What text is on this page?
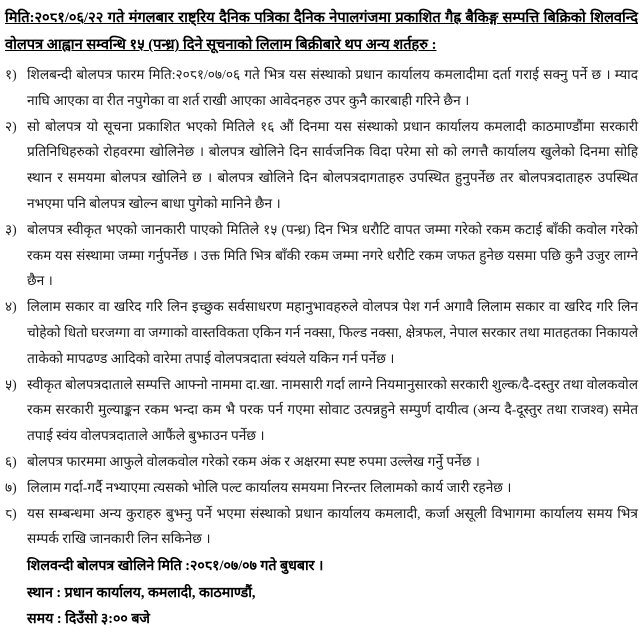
मिति:२०८१/०६/२२ गते मंगलबार राष्ट्रिय दैनिक पत्रिका दैनिक नेपालगंजमा प्रकाशित गैह्र बैकिङ्ग सम्पत्ति बिक्रिको शिलवन्दि वोलपत्र आह्वान सम्वन्धि १५ (पन्ध्र) दिने सूचनाको लिलाम बिक्रीबारे थप अन्य शर्तहरु :
१) शिलबन्दी बोलपत्र फारम मिति:२०८१/०७/०६ गते भित्र यस संस्थाको प्रधान कार्यालय कमलादीमा दर्ता गराई सक्नु पर्ने छ । म्याद नाघि आएका वा रीत नपुगेका वा शर्त राखी आएका आवेदनहरु उपर कुनै कारबाही गरिने छैन ।
२) सो बोलपत्र यो सूचना प्रकाशित भएको मितिले १६ औं दिनमा यस संस्थाको प्रधान कार्यालय कमलादी काठमाण्डौंमा सरकारी प्रतिनिधिहरुको रोहवरमा खोलिनेछ । बोलपत्र खोलिने दिन सार्वजनिक विदा परेमा सो को लगत्तै कार्यालय खुलेको दिनमा सोहि स्थान र समयमा बोलपत्र खोलिने छ । बोलपत्र खोलिने दिन बोलपत्रदागताहरु उपस्थित हुनुपर्नेछ तर बोलपत्रदाताहरु उपस्थित नभएमा पनि बोलपत्र खोल्न बाधा पुगेको मानिने छैन ।
३) बोलपत्र स्वीकृत भएको जानकारी पाएको मितिले १५ (पन्ध्र) दिन भित्र धरौटि वापत जम्मा गरेको रकम कटाई बाँकी कवोल गरेको रकम यस संस्थामा जम्मा गर्नुपर्नेछ । उक्त मिति भित्र बाँकी रकम जम्मा नगरे धरौटि रकम जफत हुनेछ यसमा पछि कुनै उजुर लाग्ने छैन ।
४) लिलाम सकार वा खरिद गरि लिन इच्छुक सर्वसाधरण महानुभावहरुले वोलपत्र पेश गर्न अगावै लिलाम सकार वा खरिद गरि लिन चोहेको धितो घरजग्गा वा जग्गाको वास्तविकता एकिन गर्न नक्सा, फिल्ड नक्सा, क्षेत्रफल, नेपाल सरकार तथा मातहतका निकायले ताकेको मापढण्ड आदिको वारेमा तपाई वोलपत्रदाता स्वंयले यकिन गर्न पर्नेछ ।
५) स्वीकृत बोलपत्रदाताले सम्पत्ति आफ्नो नाममा दा.खा. नामसारी गर्दा लाग्ने नियमानुसारको सरकारी शुल्क/दै-दस्तुर तथा वोलकवोल रकम सरकारी मुल्याङ्कन रकम भन्दा कम भै परक पर्न गएमा सोवाट उत्पन्नहुने सम्पुर्ण दायीत्व (अन्य दै-दूस्तुर तथा राजश्व) समेत तपाई स्वंय वोलपत्रदाताले आफैंले बुझाउन पर्नेछ ।
६) बोलपत्र फारममा आफुले वोलकवोल गरेको रकम अंक र अक्षरमा स्पष्ट रुपमा उल्लेख गर्नुे पर्नेछ ।
७) लिलाम गर्दा-गर्दै नभ्याएमा त्यसको भोलि पल्ट कार्यालय समयमा निरन्तर लिलामको कार्य जारी रहनेछ ।
८) यस सम्बन्धमा अन्य कुराहरु बुझ्नु पर्ने भएमा संस्थाको प्रधान कार्यालय कमलादी, कर्जा असूली विभागमा कार्यालय समय भित्र सम्पर्क राखि जानकारी लिन सकिनेछ ।
शिलवन्दी बोलपत्र खोलिने मिति :२०८१/०७/०७ गते बुधबार ।
स्थान : प्रधान कार्यालय, कमलादी, काठमाण्डौं,
समय : दिउँसो ३:०० बजे
